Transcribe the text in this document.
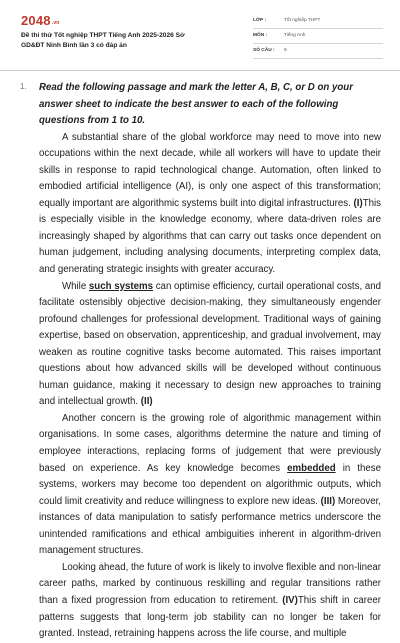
2048.vn
Đề thi thử Tốt nghiệp THPT Tiếng Anh 2025-2026 Sở
GD&ĐT Ninh Bình lần 3 có đáp án
LỚP :	Tốt nghiệp THPT
MÔN :	Tiếng Anh
SỐ CÂU : 6
1. Read the following passage and mark the letter A, B, C, or D on your answer sheet to indicate the best answer to each of the following questions from 1 to 10.

A substantial share of the global workforce may need to move into new occupations within the next decade, while all workers will have to update their skills in response to rapid technological change. Automation, often linked to embodied artificial intelligence (AI), is only one aspect of this transformation; equally important are algorithmic systems built into digital infrastructures. (I)This is especially visible in the knowledge economy, where data-driven roles are increasingly shaped by algorithms that can carry out tasks once dependent on human judgement, including analysing documents, interpreting complex data, and generating strategic insights with greater accuracy.

While such systems can optimise efficiency, curtail operational costs, and facilitate ostensibly objective decision-making, they simultaneously engender profound challenges for professional development. Traditional ways of gaining expertise, based on observation, apprenticeship, and gradual involvement, may weaken as routine cognitive tasks become automated. This raises important questions about how advanced skills will be developed without continuous human guidance, making it necessary to design new approaches to training and intellectual growth. (II)

Another concern is the growing role of algorithmic management within organisations. In some cases, algorithms determine the nature and timing of employee interactions, replacing forms of judgement that were previously based on experience. As key knowledge becomes embedded in these systems, workers may become too dependent on algorithmic outputs, which could limit creativity and reduce willingness to explore new ideas. (III) Moreover, instances of data manipulation to satisfy performance metrics underscore the unintended ramifications and ethical ambiguities inherent in algorithm-driven management structures.

Looking ahead, the future of work is likely to involve flexible and non-linear career paths, marked by continuous reskilling and regular transitions rather than a fixed progression from education to retirement. (IV)This shift in career patterns suggests that long-term job stability can no longer be taken for granted. Instead, retraining happens across the life course, and multiple
